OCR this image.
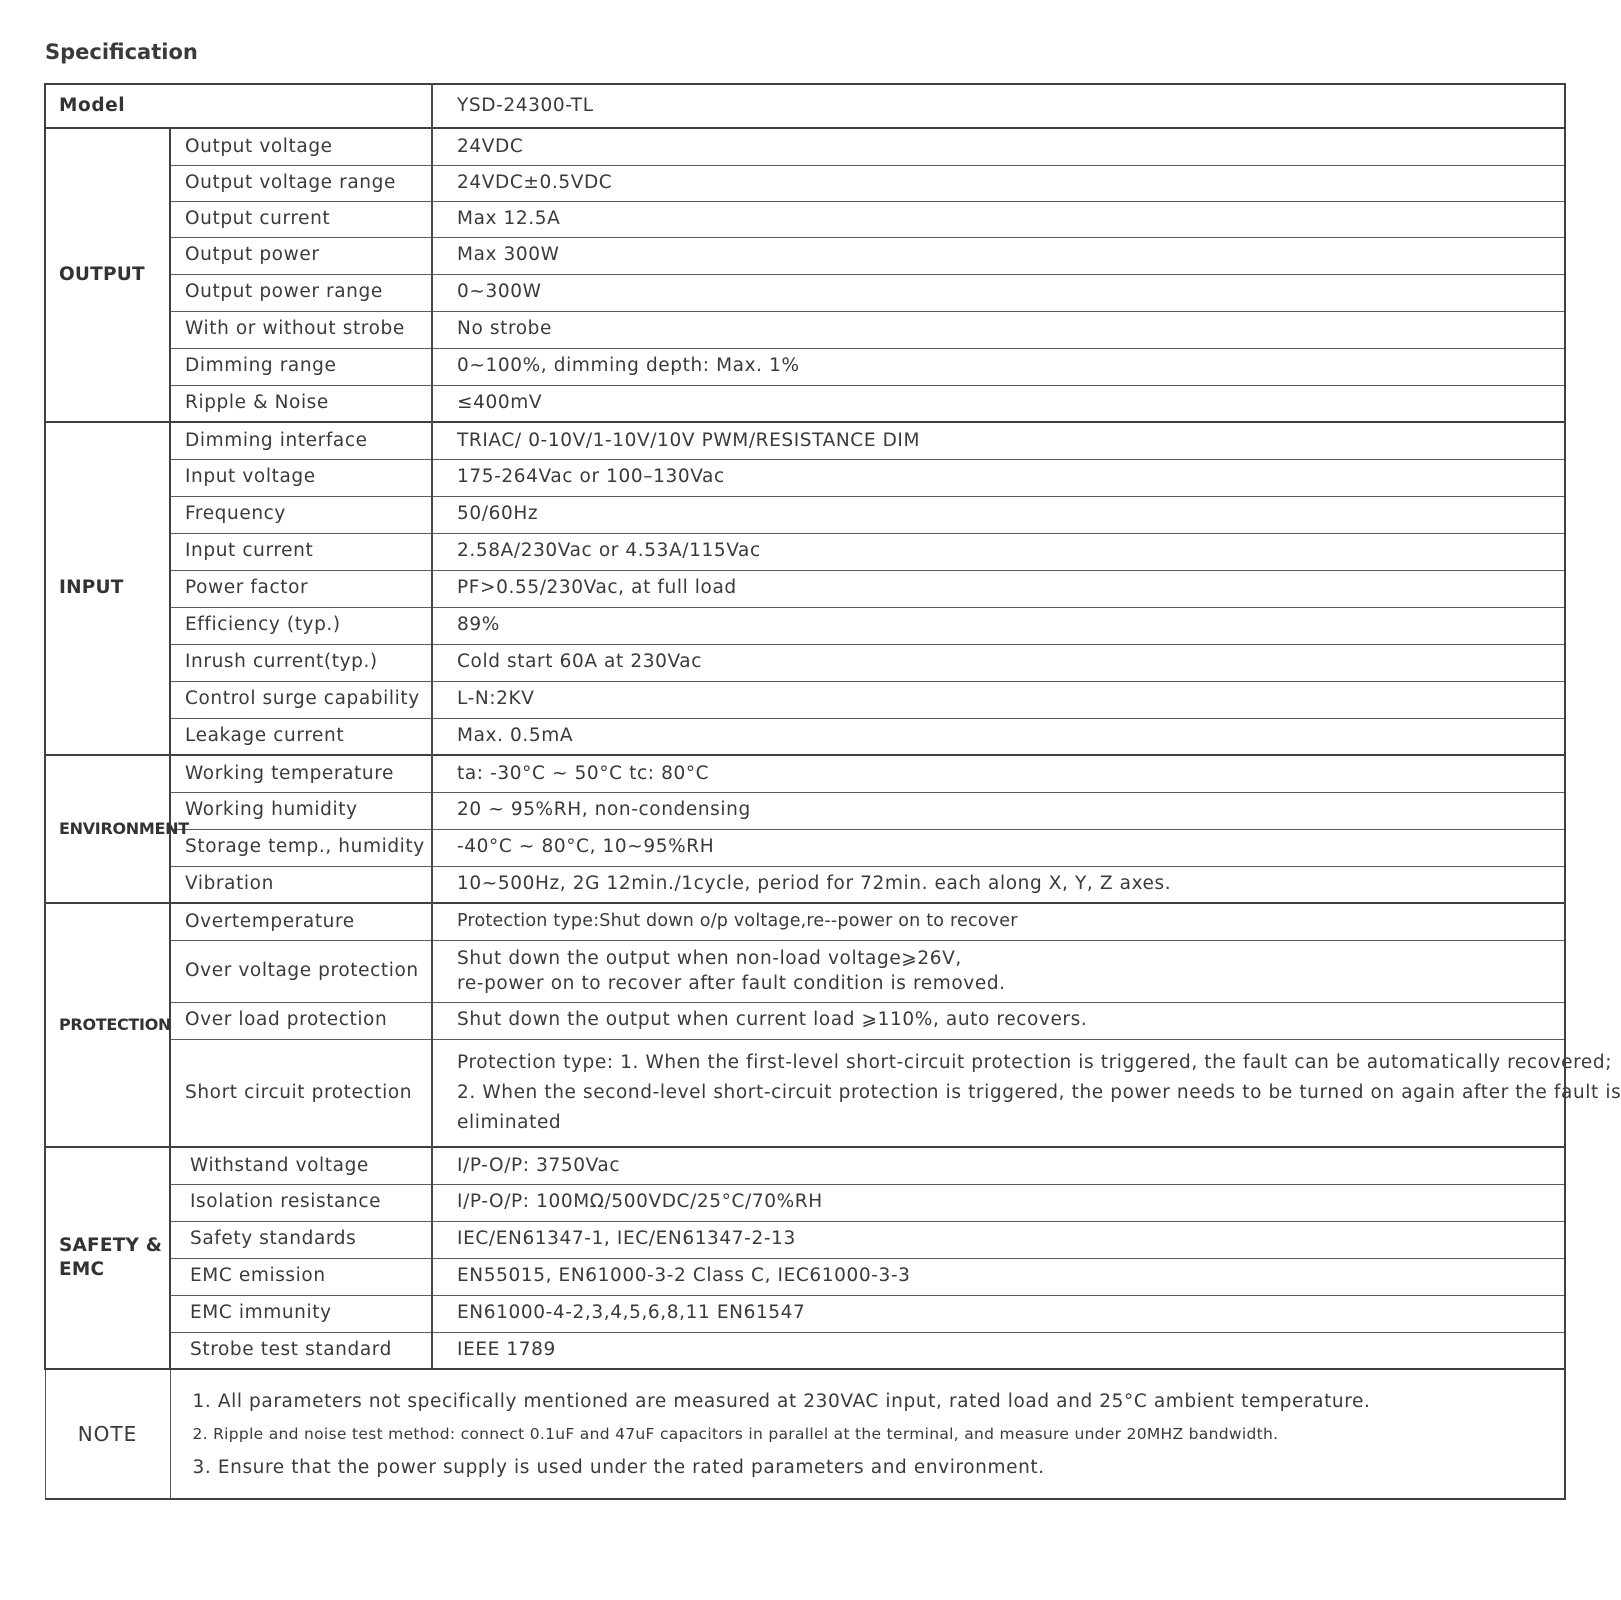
Specification
Model		YSD-24300-TL
OUTPUT	Output voltage	24VDC
	Output voltage range	24VDC±0.5VDC
	Output current	Max 12.5A
	Output power	Max 300W
	Output power range	0~300W
	With or without strobe	No strobe
	Dimming range	0~100%, dimming depth: Max. 1%
	Ripple & Noise	≤400mV
INPUT	Dimming interface	TRIAC/ 0-10V/1-10V/10V PWM/RESISTANCE DIM
	Input voltage	175-264Vac or 100–130Vac
	Frequency	50/60Hz
	Input current	2.58A/230Vac or 4.53A/115Vac
	Power factor	PF>0.55/230Vac, at full load
	Efficiency (typ.)	89%
	Inrush current(typ.)	Cold start 60A at 230Vac
	Control surge capability	L-N:2KV
	Leakage current	Max. 0.5mA
ENVIRONMENT	Working temperature	ta: -30°C ~ 50°C tc: 80°C
	Working humidity	20 ~ 95%RH, non-condensing
	Storage temp., humidity	-40°C ~ 80°C, 10~95%RH
	Vibration	10~500Hz, 2G 12min./1cycle, period for 72min. each along X, Y, Z axes.
PROTECTION	Overtemperature	Protection type:Shut down o/p voltage,re--power on to recover
	Over voltage protection	Shut down the output when non-load voltage⩾26V,
re-power on to recover after fault condition is removed.

	Over load protection	Shut down the output when current load ⩾110%, auto recovers.
	Short circuit protection	Protection type: 1. When the first-level short-circuit protection is triggered, the fault can be automatically recovered;
2. When the second-level short-circuit protection is triggered, the power needs to be turned on again after the fault is
eliminated

SAFETY &
EMC	Withstand voltage	I/P-O/P: 3750Vac
	Isolation resistance	I/P-O/P: 100MΩ/500VDC/25°C/70%RH
	Safety standards	IEC/EN61347-1, IEC/EN61347-2-13
	EMC emission	EN55015, EN61000-3-2 Class C, IEC61000-3-3
	EMC immunity	EN61000-4-2,3,4,5,6,8,11 EN61547
	Strobe test standard	IEEE 1789
NOTE	1. All parameters not specifically mentioned are measured at 230VAC input, rated load and 25°C ambient temperature.
2. Ripple and noise test method: connect 0.1uF and 47uF capacitors in parallel at the terminal, and measure under 20MHZ bandwidth.
3. Ensure that the power supply is used under the rated parameters and environment.	
